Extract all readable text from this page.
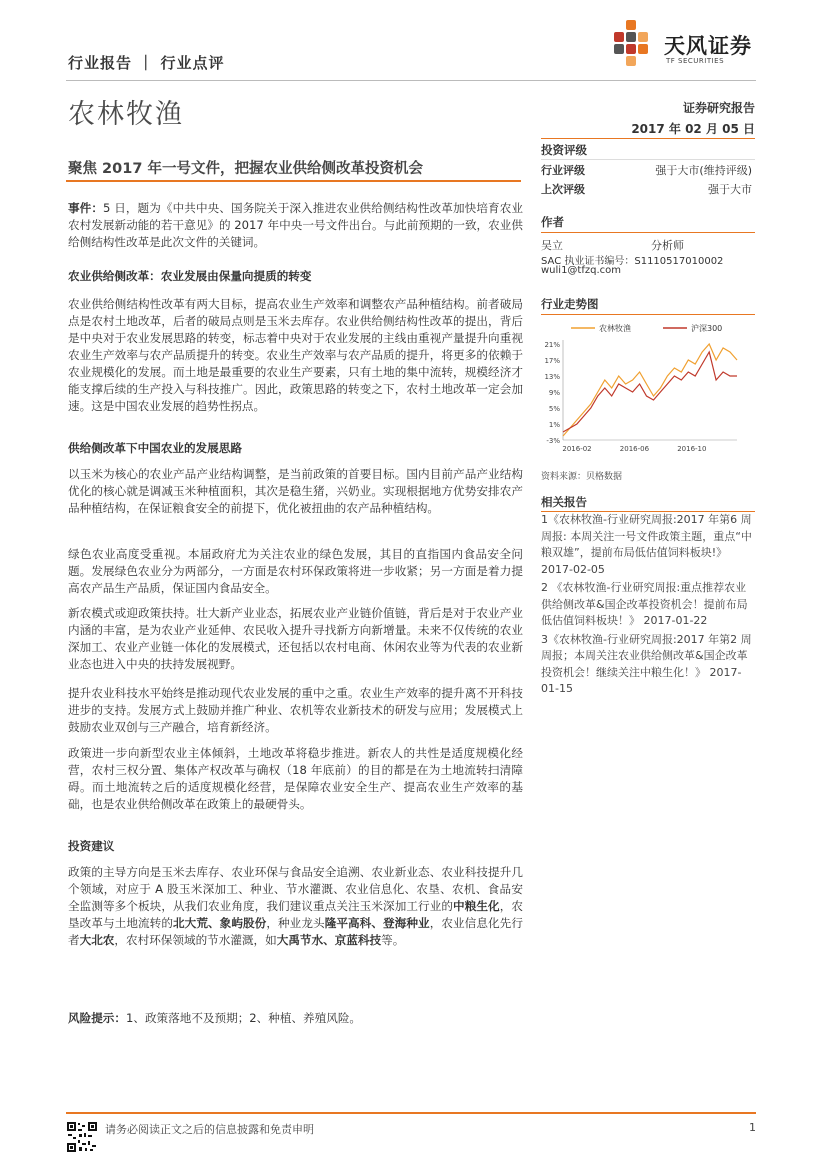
行业报告 ｜ 行业点评
农林牧渔
天风证券
TF SECURITIES
证券研究报告
2017 年 02 月 05 日
聚焦 2017 年一号文件，把握农业供给侧改革投资机会

事件：5 日，题为《中共中央、国务院关于深入推进农业供给侧结构性改革加快培育农业农村发展新动能的若干意见》的 2017 年中央一号文件出台。与此前预期的一致，农业供给侧结构性改革是此次文件的关键词。

农业供给侧改革：农业发展由保量向提质的转变

农业供给侧结构性改革有两大目标，提高农业生产效率和调整农产品种植结构。前者破局点是农村土地改革，后者的破局点则是玉米去库存。农业供给侧结构性改革的提出，背后是中央对于农业发展思路的转变，标志着中央对于农业发展的主线由重视产量提升向重视农业生产效率与农产品质提升的转变。农业生产效率与农产品质的提升，将更多的依赖于农业规模化的发展。而土地是最重要的农业生产要素，只有土地的集中流转，规模经济才能支撑后续的生产投入与科技推广。因此，政策思路的转变之下，农村土地改革一定会加速。这是中国农业发展的趋势性拐点。
供给侧改革下中国农业的发展思路
以玉米为核心的农业产品产业结构调整，是当前政策的首要目标。国内目前产品产业结构优化的核心就是调减玉米种植面积，其次是稳生猪，兴奶业。实现根据地方优势安排农产品种植结构，在保证粮食安全的前提下，优化被扭曲的农产品种植结构。
绿色农业高度受重视。本届政府尤为关注农业的绿色发展，其目的直指国内食品安全问题。发展绿色农业分为两部分，一方面是农村环保政策将进一步收紧；另一方面是着力提高农产品生产品质，保证国内食品安全。
新农模式或迎政策扶持。壮大新产业业态，拓展农业产业链价值链，背后是对于农业产业内涵的丰富，是为农业产业延伸、农民收入提升寻找新方向新增量。未来不仅传统的农业深加工、农业产业链一体化的发展模式，还包括以农村电商、休闲农业等为代表的农业新业态也进入中央的扶持发展视野。
提升农业科技水平始终是推动现代农业发展的重中之重。农业生产效率的提升离不开科技进步的支持。发展方式上鼓励并推广种业、农机等农业新技术的研发与应用；发展模式上鼓励农业双创与三产融合，培育新经济。
政策进一步向新型农业主体倾斜，土地改革将稳步推进。新农人的共性是适度规模化经营，农村三权分置、集体产权改革与确权（18 年底前）的目的都是在为土地流转扫清障碍。而土地流转之后的适度规模化经营，是保障农业安全生产、提高农业生产效率的基础，也是农业供给侧改革在政策上的最硬骨头。
投资建议

政策的主导方向是玉米去库存、农业环保与食品安全追溯、农业新业态、农业科技提升几个领域，对应于 A 股玉米深加工、种业、节水灌溉、农业信息化、农垦、农机、食品安全监测等多个板块，从我们农业角度，我们建议重点关注玉米深加工行业的中粮生化，农垦改革与土地流转的北大荒、象屿股份，种业龙头隆平高科、登海种业，农业信息化先行者大北农，农村环保领域的节水灌溉，如大禹节水、京蓝科技等。

风险提示：1、政策落地不及预期；2、种植、养殖风险。

投资评级
行业评级	强于大市(维持评级)
上次评级	强于大市
作者
吴立	分析师
SAC 执业证书编号：S1110517010002
wuli1@tfzq.com
行业走势图
农林牧渔	沪深300
21%
17%
13%
9%
5%
1%
-3%
2016-02	2016-06	2016-10
资料来源：贝格数据
相关报告
1《农林牧渔-行业研究周报:2017 年第6 周周报: 本周关注一号文件政策主题，重点“中粮双雄”，提前布局低估值饲料板块!》 2017-02-05
2 《农林牧渔-行业研究周报:重点推荐农业供给侧改革&国企改革投资机会！提前布局低估值饲料板块！》 2017-01-22
3《农林牧渔-行业研究周报:2017 年第2 周周报；本周关注农业供给侧改革&国企改革投资机会！继续关注中粮生化！》 2017-01-15
请务必阅读正文之后的信息披露和免责申明	1
